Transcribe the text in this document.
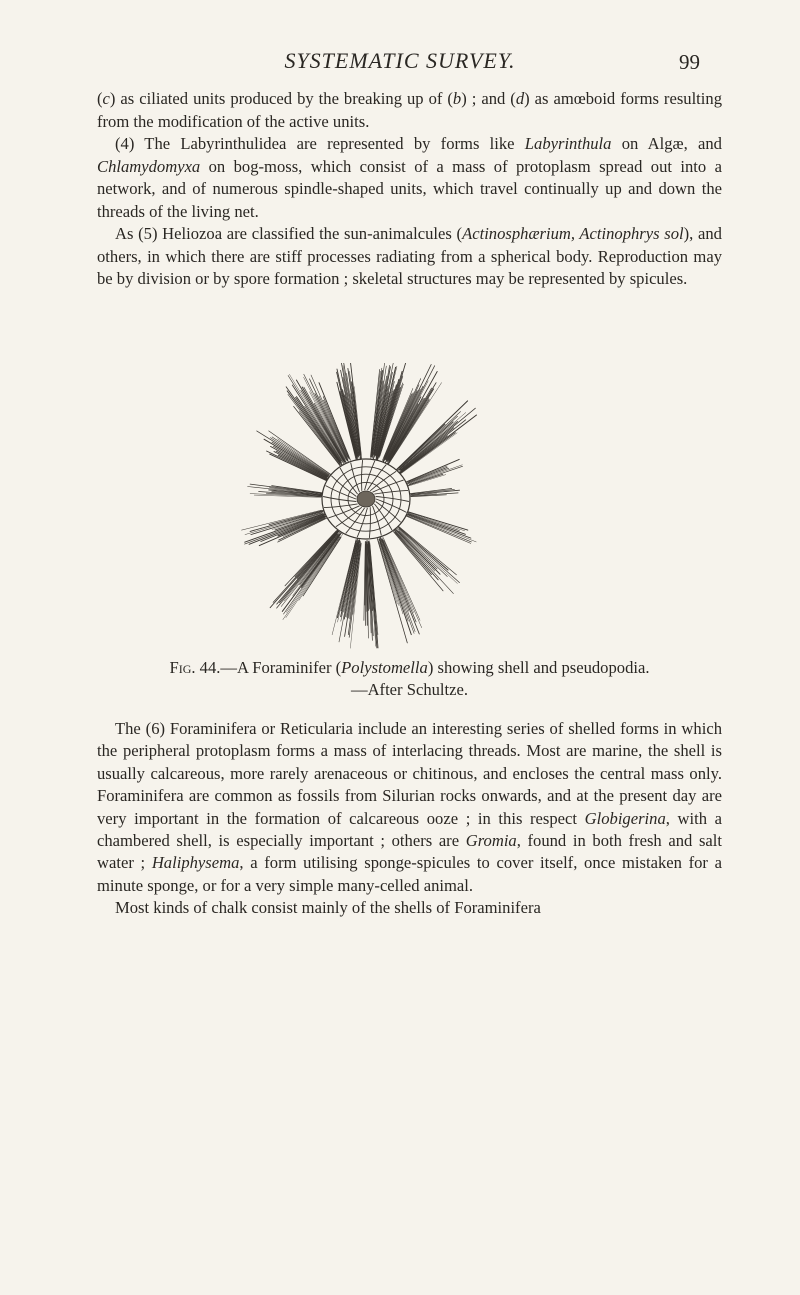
SYSTEMATIC SURVEY.	99

(c) as ciliated units produced by the breaking up of (b) ; and (d) as amœboid forms resulting from the modification of the active units.

(4) The Labyrinthulidea are represented by forms like Labyrinthula on Algæ, and Chlamydomyxa on bog-moss, which consist of a mass of protoplasm spread out into a network, and of numerous spindle-shaped units, which travel continually up and down the threads of the living net.

As (5) Heliozoa are classified the sun-animalcules (Actinosphærium, Actinophrys sol), and others, in which there are stiff processes radiating from a spherical body. Reproduction may be by division or by spore formation ; skeletal structures may be represented by spicules.

Fig. 44.—A Foraminifer (Polystomella) showing shell and pseudopodia.
—After Schultze.

The (6) Foraminifera or Reticularia include an interesting series of shelled forms in which the peripheral protoplasm forms a mass of interlacing threads. Most are marine, the shell is usually calcareous, more rarely arenaceous or chitinous, and encloses the central mass only. Foraminifera are common as fossils from Silurian rocks onwards, and at the present day are very important in the formation of calcareous ooze ; in this respect Globigerina, with a chambered shell, is especially important ; others are Gromia, found in both fresh and salt water ; Haliphysema, a form utilising sponge-spicules to cover itself, once mistaken for a minute sponge, or for a very simple many-celled animal.

Most kinds of chalk consist mainly of the shells of Foraminifera
